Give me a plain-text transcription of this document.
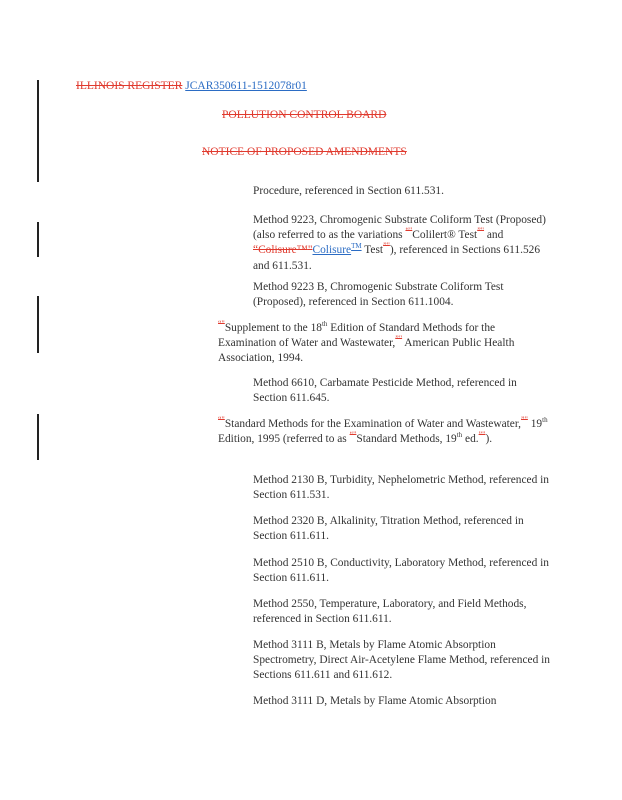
ILLINOIS REGISTER JCAR350611-1512078r01
POLLUTION CONTROL BOARD
NOTICE OF PROPOSED AMENDMENTS
Procedure, referenced in Section 611.531.
Method 9223, Chromogenic Substrate Coliform Test (Proposed) (also referred to as the variations “"Colilert® Test”" and “Colisure™"Colisure™ Test”"), referenced in Sections 611.526 and 611.531.
Method 9223 B, Chromogenic Substrate Coliform Test (Proposed), referenced in Section 611.1004.
“"Supplement to the 18th Edition of Standard Methods for the Examination of Water and Wastewater,”" American Public Health Association, 1994.
Method 6610, Carbamate Pesticide Method, referenced in Section 611.645.
“"Standard Methods for the Examination of Water and Wastewater,”" 19th Edition, 1995 (referred to as “"Standard Methods, 19th ed.”").
Method 2130 B, Turbidity, Nephelometric Method, referenced in Section 611.531.
Method 2320 B, Alkalinity, Titration Method, referenced in Section 611.611.
Method 2510 B, Conductivity, Laboratory Method, referenced in Section 611.611.
Method 2550, Temperature, Laboratory, and Field Methods, referenced in Section 611.611.
Method 3111 B, Metals by Flame Atomic Absorption Spectrometry, Direct Air-Acetylene Flame Method, referenced in Sections 611.611 and 611.612.
Method 3111 D, Metals by Flame Atomic Absorption
